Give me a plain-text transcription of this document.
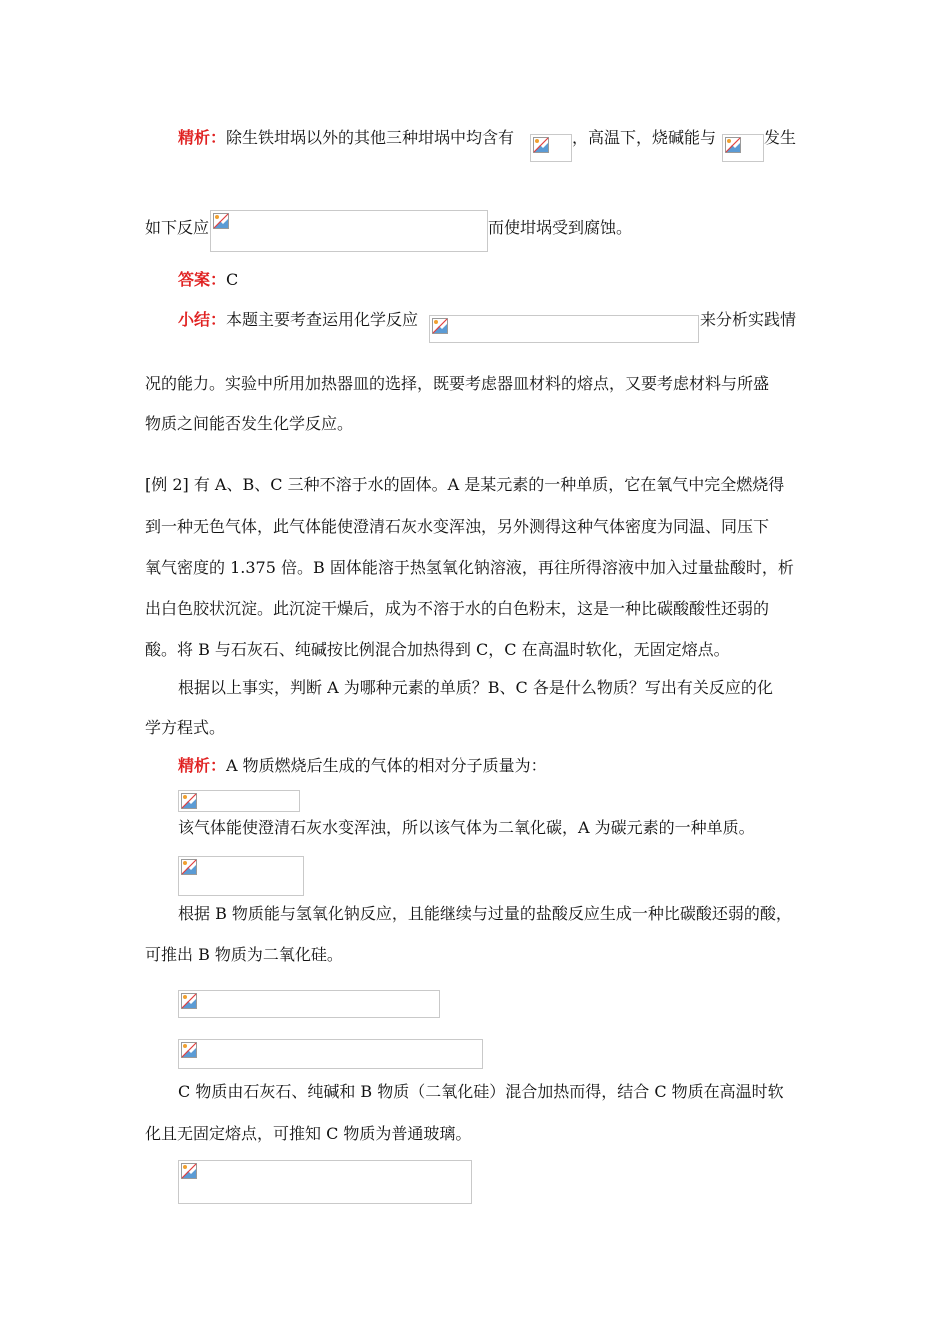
精析：除生铁坩埚以外的其他三种坩埚中均含有	，高温下，烧碱能与	发生
如下反应	而使坩埚受到腐蚀。
答案：C
小结：本题主要考查运用化学反应	来分析实践情
况的能力。实验中所用加热器皿的选择，既要考虑器皿材料的熔点，又要考虑材料与所盛
物质之间能否发生化学反应。
[例 2] 有 A、B、C 三种不溶于水的固体。A 是某元素的一种单质，它在氧气中完全燃烧得
到一种无色气体，此气体能使澄清石灰水变浑浊，另外测得这种气体密度为同温、同压下
氧气密度的 1.375 倍。B 固体能溶于热氢氧化钠溶液，再往所得溶液中加入过量盐酸时，析
出白色胶状沉淀。此沉淀干燥后，成为不溶于水的白色粉末，这是一种比碳酸酸性还弱的
酸。将 B 与石灰石、纯碱按比例混合加热得到 C，C 在高温时软化，无固定熔点。
根据以上事实，判断 A 为哪种元素的单质？B、C 各是什么物质？写出有关反应的化
学方程式。
精析：A 物质燃烧后生成的气体的相对分子质量为：
该气体能使澄清石灰水变浑浊，所以该气体为二氧化碳，A 为碳元素的一种单质。
根据 B 物质能与氢氧化钠反应，且能继续与过量的盐酸反应生成一种比碳酸还弱的酸，
可推出 B 物质为二氧化硅。
C 物质由石灰石、纯碱和 B 物质（二氧化硅）混合加热而得，结合 C 物质在高温时软
化且无固定熔点，可推知 C 物质为普通玻璃。
